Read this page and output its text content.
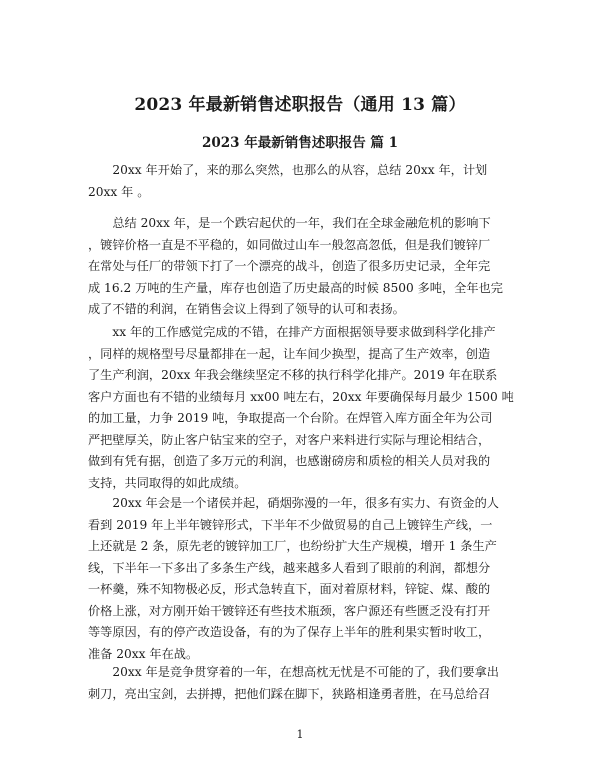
2023 年最新销售述职报告（通用 13 篇）
2023 年最新销售述职报告 篇 1
　　20xx 年开始了，来的那么突然，也那么的从容，总结 20xx 年，计划
20xx 年 。
　　总结 20xx 年，是一个跌宕起伏的一年，我们在全球金融危机的影响下
，镀锌价格一直是不平稳的，如同做过山车一般忽高忽低，但是我们镀锌厂
在常处与任厂的带领下打了一个漂亮的战斗，创造了很多历史记录，全年完
成 16.2 万吨的生产量，库存也创造了历史最高的时候 8500 多吨，全年也完
成了不错的利润，在销售会议上得到了领导的认可和表扬。
　　xx 年的工作感觉完成的不错，在排产方面根据领导要求做到科学化排产
，同样的规格型号尽量都排在一起，让车间少换型，提高了生产效率，创造
了生产利润，20xx 年我会继续坚定不移的执行科学化排产。2019 年在联系
客户方面也有不错的业绩每月 xx00 吨左右，20xx 年要确保每月最少 1500 吨
的加工量，力争 2019 吨，争取提高一个台阶。在焊管入库方面全年为公司
严把壁厚关，防止客户钻宝来的空子，对客户来料进行实际与理论相结合，
做到有凭有据，创造了多万元的利润，也感谢磅房和质检的相关人员对我的
支持，共同取得的如此成绩。
　　20xx 年会是一个诸侯并起，硝烟弥漫的一年，很多有实力、有资金的人
看到 2019 年上半年镀锌形式，下半年不少做贸易的自己上镀锌生产线，一
上还就是 2 条，原先老的镀锌加工厂，也纷纷扩大生产规模，增开 1 条生产
线，下半年一下多出了多条生产线，越来越多人看到了眼前的利润，都想分
一杯羹，殊不知物极必反，形式急转直下，面对着原材料，锌锭、煤、酸的
价格上涨，对方刚开始干镀锌还有些技术瓶颈，客户源还有些匮乏没有打开
等等原因，有的停产改造设备，有的为了保存上半年的胜利果实暂时收工，
准备 20xx 年在战。
　　20xx 年是竞争贯穿着的一年，在想高枕无忧是不可能的了，我们要拿出
刺刀，亮出宝剑，去拼搏，把他们踩在脚下，狭路相逢勇者胜，在马总给召
1
